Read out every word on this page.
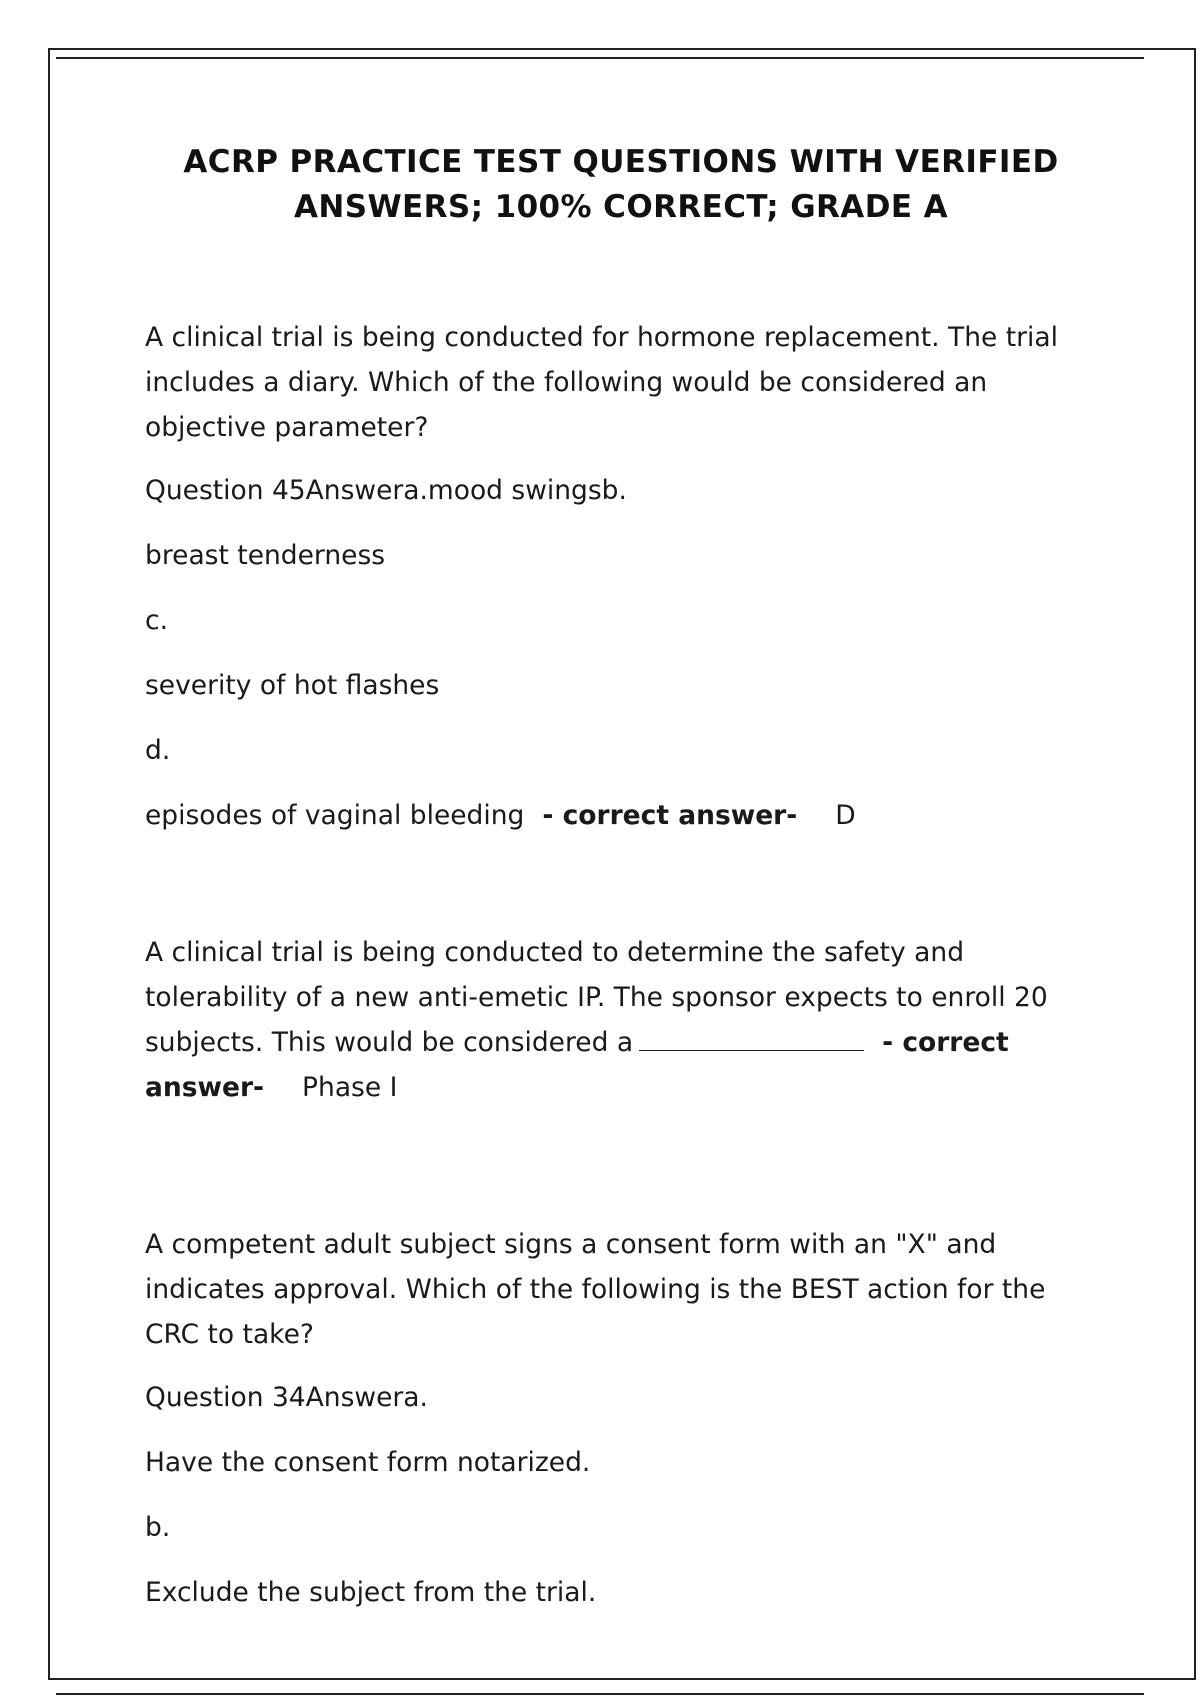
ACRP PRACTICE TEST QUESTIONS WITH VERIFIED ANSWERS; 100% CORRECT; GRADE A

A clinical trial is being conducted for hormone replacement. The trial includes a diary. Which of the following would be considered an objective parameter?

Question 45Answera.mood swingsb.

breast tenderness

c.

severity of hot flashes

d.

episodes of vaginal bleeding - correct answer- D

A clinical trial is being conducted to determine the safety and tolerability of a new anti-emetic IP. The sponsor expects to enroll 20 subjects. This would be considered a	- correct answer- Phase I

A competent adult subject signs a consent form with an "X" and indicates approval. Which of the following is the BEST action for the CRC to take?

Question 34Answera.

Have the consent form notarized.

b.

Exclude the subject from the trial.
